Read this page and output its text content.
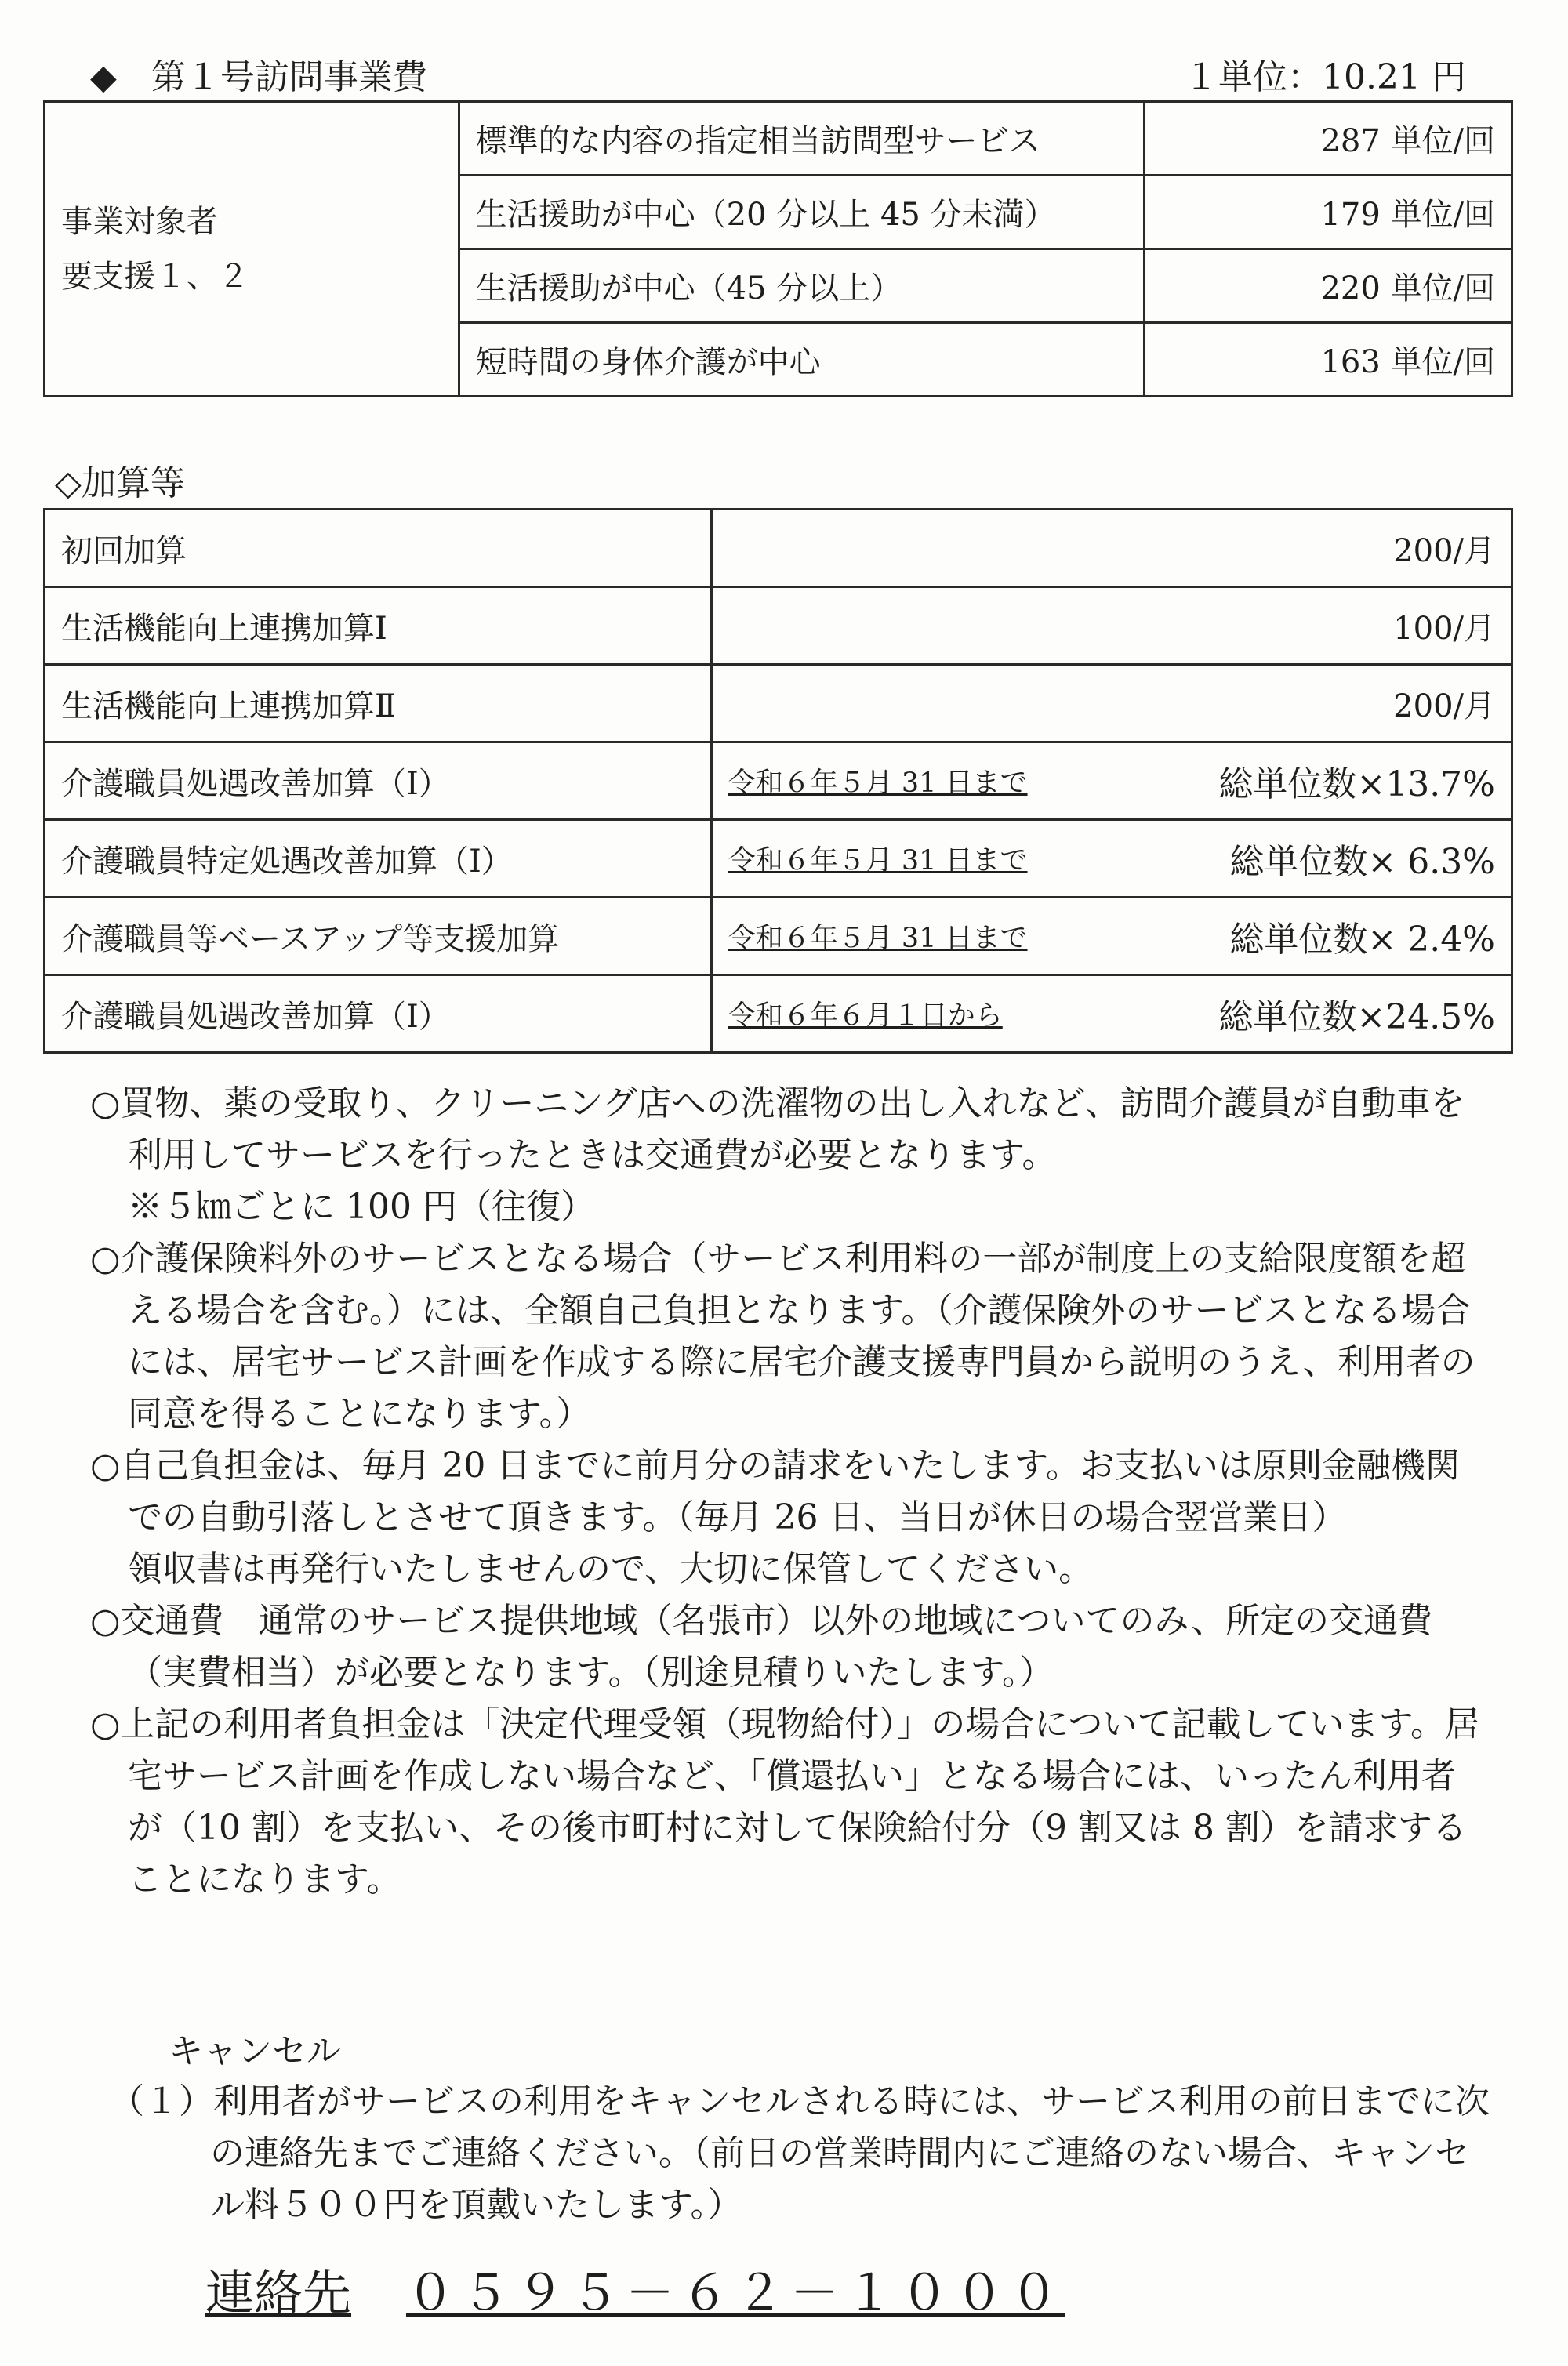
◆　第１号訪問事業費	１単位：10.21 円
事業対象者
要支援１、２	標準的な内容の指定相当訪問型サービス	287 単位/回
	生活援助が中心（20 分以上 45 分未満）	179 単位/回
	生活援助が中心（45 分以上）	220 単位/回
	短時間の身体介護が中心	163 単位/回
◇加算等
初回加算	200/月
生活機能向上連携加算Ⅰ	100/月
生活機能向上連携加算Ⅱ	200/月
介護職員処遇改善加算（Ⅰ）	令和６年５月 31 日まで 総単位数×13.7%

介護職員特定処遇改善加算（Ⅰ）	令和６年５月 31 日まで 総単位数× 6.3%

介護職員等ベースアップ等支援加算	令和６年５月 31 日まで 総単位数× 2.4%

介護職員処遇改善加算（Ⅰ）	令和６年６月１日から 総単位数×24.5%
○買物、薬の受取り、クリーニング店への洗濯物の出し入れなど、訪問介護員が自動車を利用してサービスを行ったときは交通費が必要となります。
※５㎞ごとに 100 円（往復）
○介護保険料外のサービスとなる場合（サービス利用料の一部が制度上の支給限度額を超える場合を含む。）には、全額自己負担となります。（介護保険外のサービスとなる場合には、居宅サービス計画を作成する際に居宅介護支援専門員から説明のうえ、利用者の同意を得ることになります。）
○自己負担金は、毎月 20 日までに前月分の請求をいたします。お支払いは原則金融機関での自動引落しとさせて頂きます。（毎月 26 日、当日が休日の場合翌営業日）
領収書は再発行いたしませんので、大切に保管してください。
○交通費　通常のサービス提供地域（名張市）以外の地域についてのみ、所定の交通費（実費相当）が必要となります。（別途見積りいたします。）
○上記の利用者負担金は「決定代理受領（現物給付）」の場合について記載しています。居宅サービス計画を作成しない場合など、「償還払い」となる場合には、いったん利用者が（10 割）を支払い、その後市町村に対して保険給付分（9 割又は 8 割）を請求することになります。
キャンセル
（１）利用者がサービスの利用をキャンセルされる時には、サービス利用の前日までに次の連絡先までご連絡ください。（前日の営業時間内にご連絡のない場合、キャンセル料５００円を頂戴いたします。）
連絡先 ０５９５－６２－１０００
